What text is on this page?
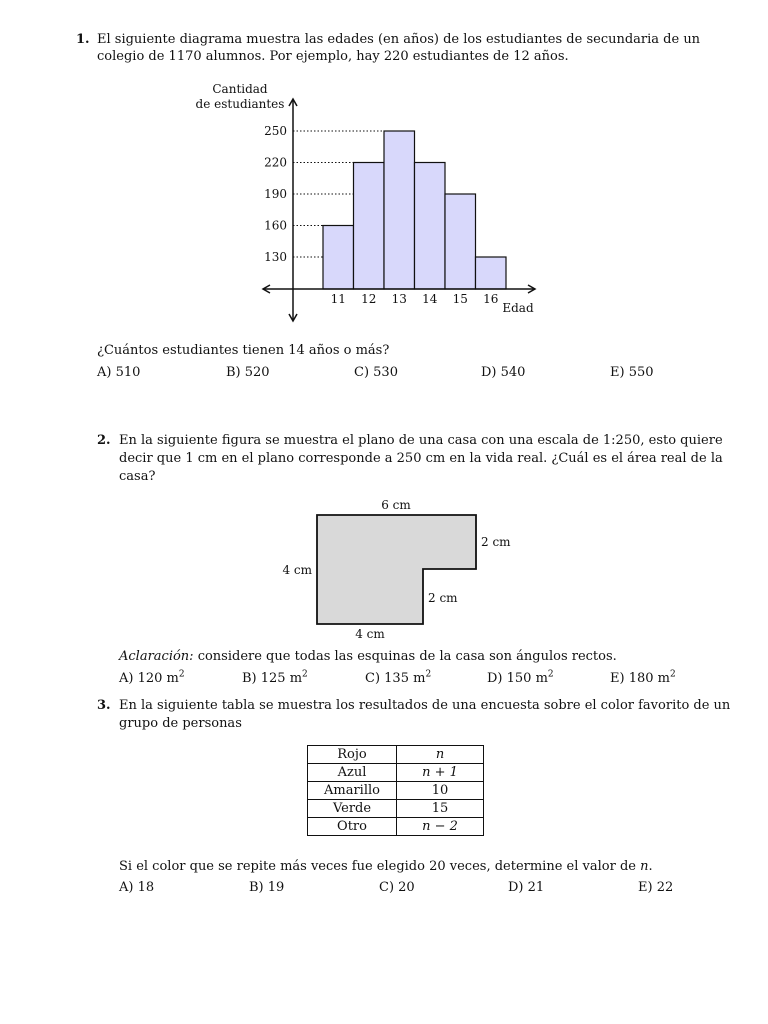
1. El siguiente diagrama muestra las edades (en años) de los estudiantes de secundaria de un
colegio de 1170 alumnos. Por ejemplo, hay 220 estudiantes de 12 años.
Cantidad
de estudiantes
Edad
130
160
190
220
250
11 12 13 14 15 16
¿Cuántos estudiantes tienen 14 años o más?
A) 510	B) 520	C) 530	D) 540	E) 550
2. En la siguiente figura se muestra el plano de una casa con una escala de 1:250, esto quiere
decir que 1 cm en el plano corresponde a 250 cm en la vida real. ¿Cuál es el área real de la
casa?
6 cm
2 cm
4 cm
2 cm
4 cm
Aclaración: considere que todas las esquinas de la casa son ángulos rectos.
A) 120 $m^2$	B) 125 $m^2$	C) 135 $m^2$	D) 150 $m^2$	E) 180 $m^2$
3. En la siguiente tabla se muestra los resultados de una encuesta sobre el color favorito de un
grupo de personas
Rojo	n
Azul	n + 1
Amarillo	10
Verde	15
Otro	n − 2
Si el color que se repite más veces fue elegido 20 veces, determine el valor de n.
A) 18	B) 19	C) 20	D) 21	E) 22
